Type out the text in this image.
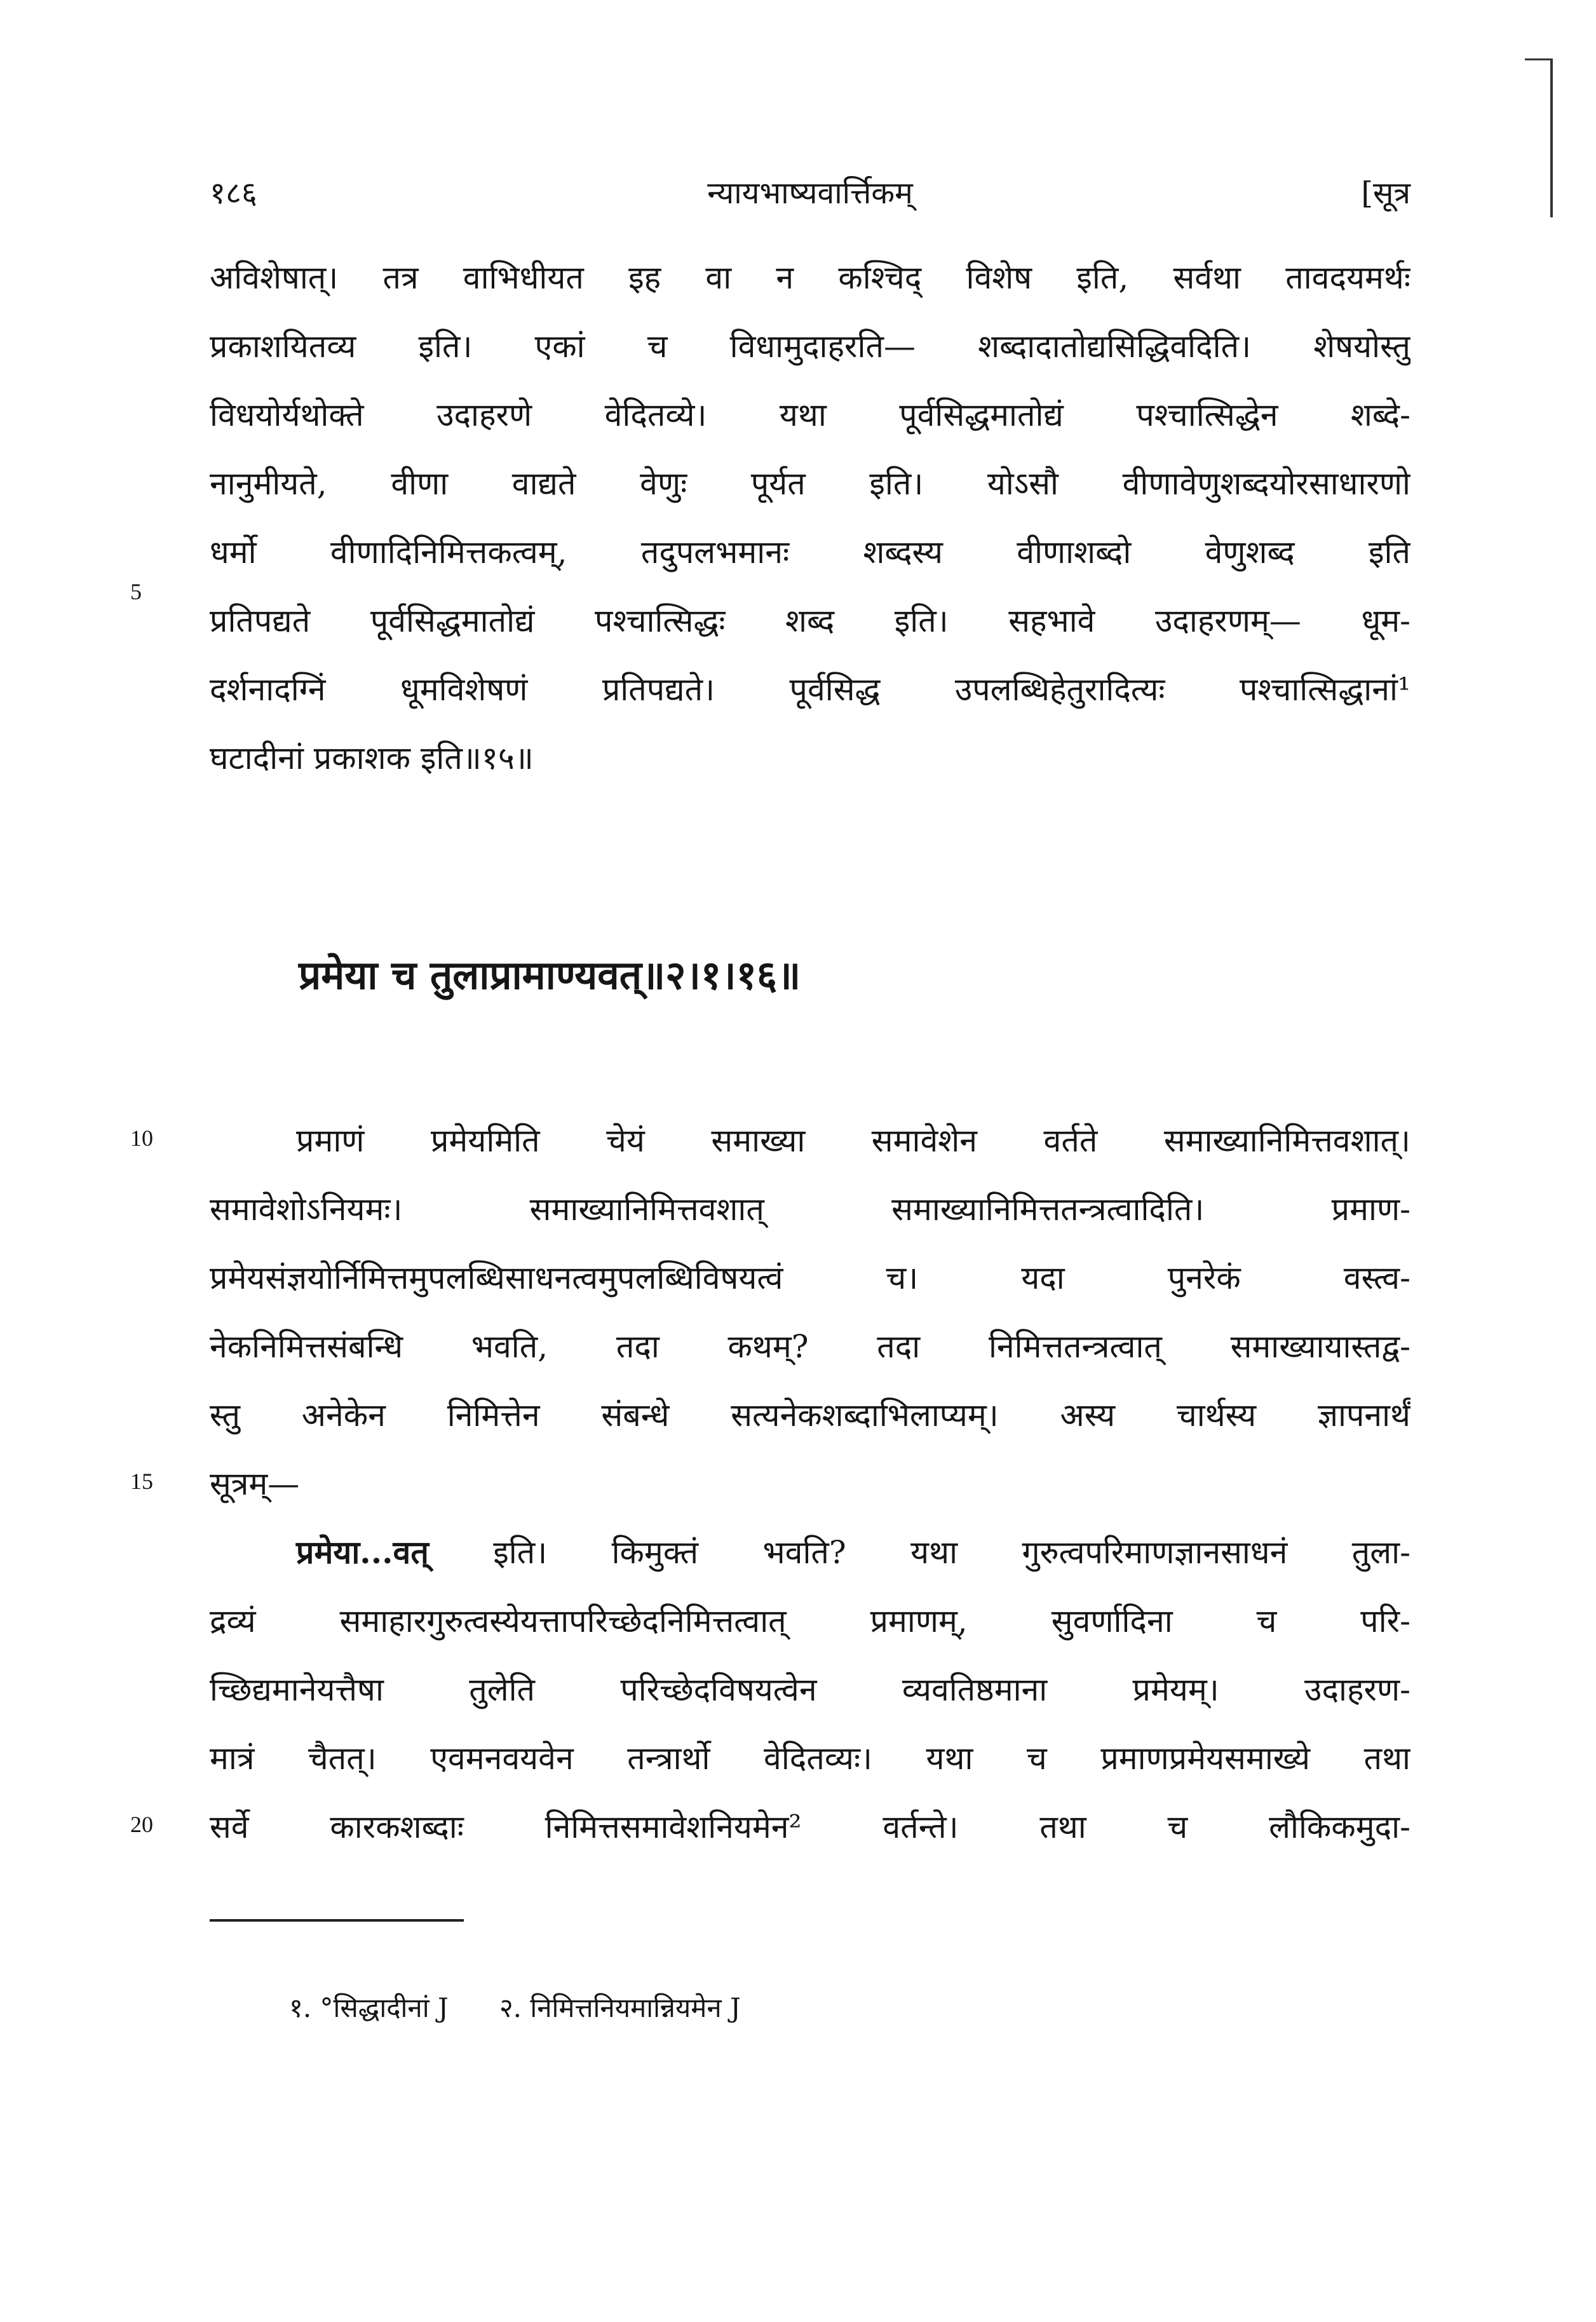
१८६	न्यायभाष्यवार्त्तिकम्	[सूत्र
अविशेषात्। तत्र वाभिधीयत इह वा न कश्चिद् विशेष इति, सर्वथा तावदयमर्थः
प्रकाशयितव्य इति। एकां च विधामुदाहरति— शब्दादातोद्यसिद्धिवदिति। शेषयोस्तु
विधयोर्यथोक्ते उदाहरणे वेदितव्ये। यथा पूर्वसिद्धमातोद्यं पश्चात्सिद्धेन शब्दे-
नानुमीयते, वीणा वाद्यते वेणुः पूर्यत इति। योऽसौ वीणावेणुशब्दयोरसाधारणो
धर्मो वीणादिनिमित्तकत्वम्, तदुपलभमानः शब्दस्य वीणाशब्दो वेणुशब्द इति
प्रतिपद्यते पूर्वसिद्धमातोद्यं पश्चात्सिद्धः शब्द इति। सहभावे उदाहरणम्— धूम-
दर्शनादग्निं धूमविशेषणं प्रतिपद्यते। पूर्वसिद्ध उपलब्धिहेतुरादित्यः पश्चात्सिद्धानां¹
घटादीनां प्रकाशक इति॥१५॥
प्रमेया च तुलाप्रामाण्यवत्॥२।१।१६॥
प्रमाणं प्रमेयमिति चेयं समाख्या समावेशेन वर्तते समाख्यानिमित्तवशात्।
समावेशोऽनियमः। समाख्यानिमित्तवशात् समाख्यानिमित्ततन्त्रत्वादिति। प्रमाण-
प्रमेयसंज्ञयोर्निमित्तमुपलब्धिसाधनत्वमुपलब्धिविषयत्वं च। यदा पुनरेकं वस्त्व-
नेकनिमित्तसंबन्धि भवति, तदा कथम्? तदा निमित्ततन्त्रत्वात् समाख्यायास्तद्व-
स्तु अनेकेन निमित्तेन संबन्धे सत्यनेकशब्दाभिलाप्यम्। अस्य चार्थस्य ज्ञापनार्थं
सूत्रम्—
प्रमेया...वत् इति। किमुक्तं भवति? यथा गुरुत्वपरिमाणज्ञानसाधनं तुला-
द्रव्यं समाहारगुरुत्वस्येयत्तापरिच्छेदनिमित्तत्वात् प्रमाणम्, सुवर्णादिना च परि-
च्छिद्यमानेयत्तैषा तुलेति परिच्छेदविषयत्वेन व्यवतिष्ठमाना प्रमेयम्। उदाहरण-
मात्रं चैतत्। एवमनवयवेन तन्त्रार्थो वेदितव्यः। यथा च प्रमाणप्रमेयसमाख्ये तथा
सर्वे कारकशब्दाः निमित्तसमावेशनियमेन² वर्तन्ते। तथा च लौकिकमुदा-
5
10
15
20
१. °सिद्धादीनां J २. निमित्तनियमान्नियमेन J
